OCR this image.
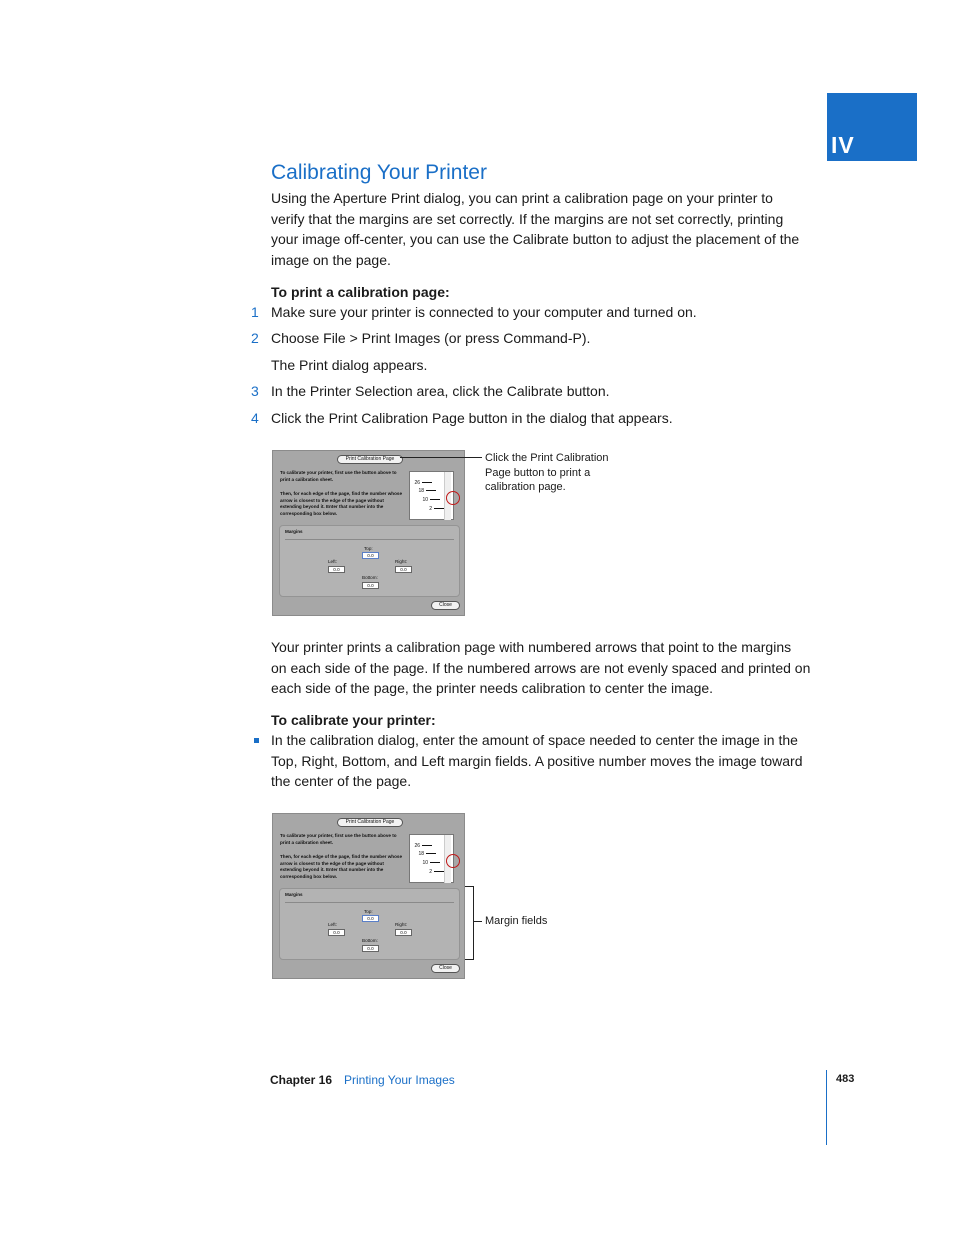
IV
Calibrating Your Printer
Using the Aperture Print dialog, you can print a calibration page on your printer to
verify that the margins are set correctly. If the margins are not set correctly, printing
your image off-center, you can use the Calibrate button to adjust the placement of the
image on the page.
To print a calibration page:
1 Make sure your printer is connected to your computer and turned on.
2 Choose File > Print Images (or press Command-P).
The Print dialog appears.
3 In the Printer Selection area, click the Calibrate button.
4 Click the Print Calibration Page button in the dialog that appears.
Print Calibration Page
To calibrate your printer, first use the button above to print a calibration sheet.
Then, for each edge of the page, find the number whose arrow is closest to the edge of the page without extending beyond it. Enter that number into the corresponding box below.
26
18
10
2
Margins
Top:
0.0
Left:
0.0
Right:
0.0
Bottom:
0.0
Close
Click the Print Calibration
Page button to print a
calibration page.
Your printer prints a calibration page with numbered arrows that point to the margins
on each side of the page. If the numbered arrows are not evenly spaced and printed on
each side of the page, the printer needs calibration to center the image.
To calibrate your printer:
In the calibration dialog, enter the amount of space needed to center the image in the
Top, Right, Bottom, and Left margin fields. A positive number moves the image toward
the center of the page.
Print Calibration Page
To calibrate your printer, first use the button above to print a calibration sheet.
Then, for each edge of the page, find the number whose arrow is closest to the edge of the page without extending beyond it. Enter that number into the corresponding box below.
26
18
10
2
Margins
Top:
0.0
Left:
0.0
Right:
0.0
Bottom:
0.0
Close
Margin fields
Chapter 16 Printing Your Images	483
